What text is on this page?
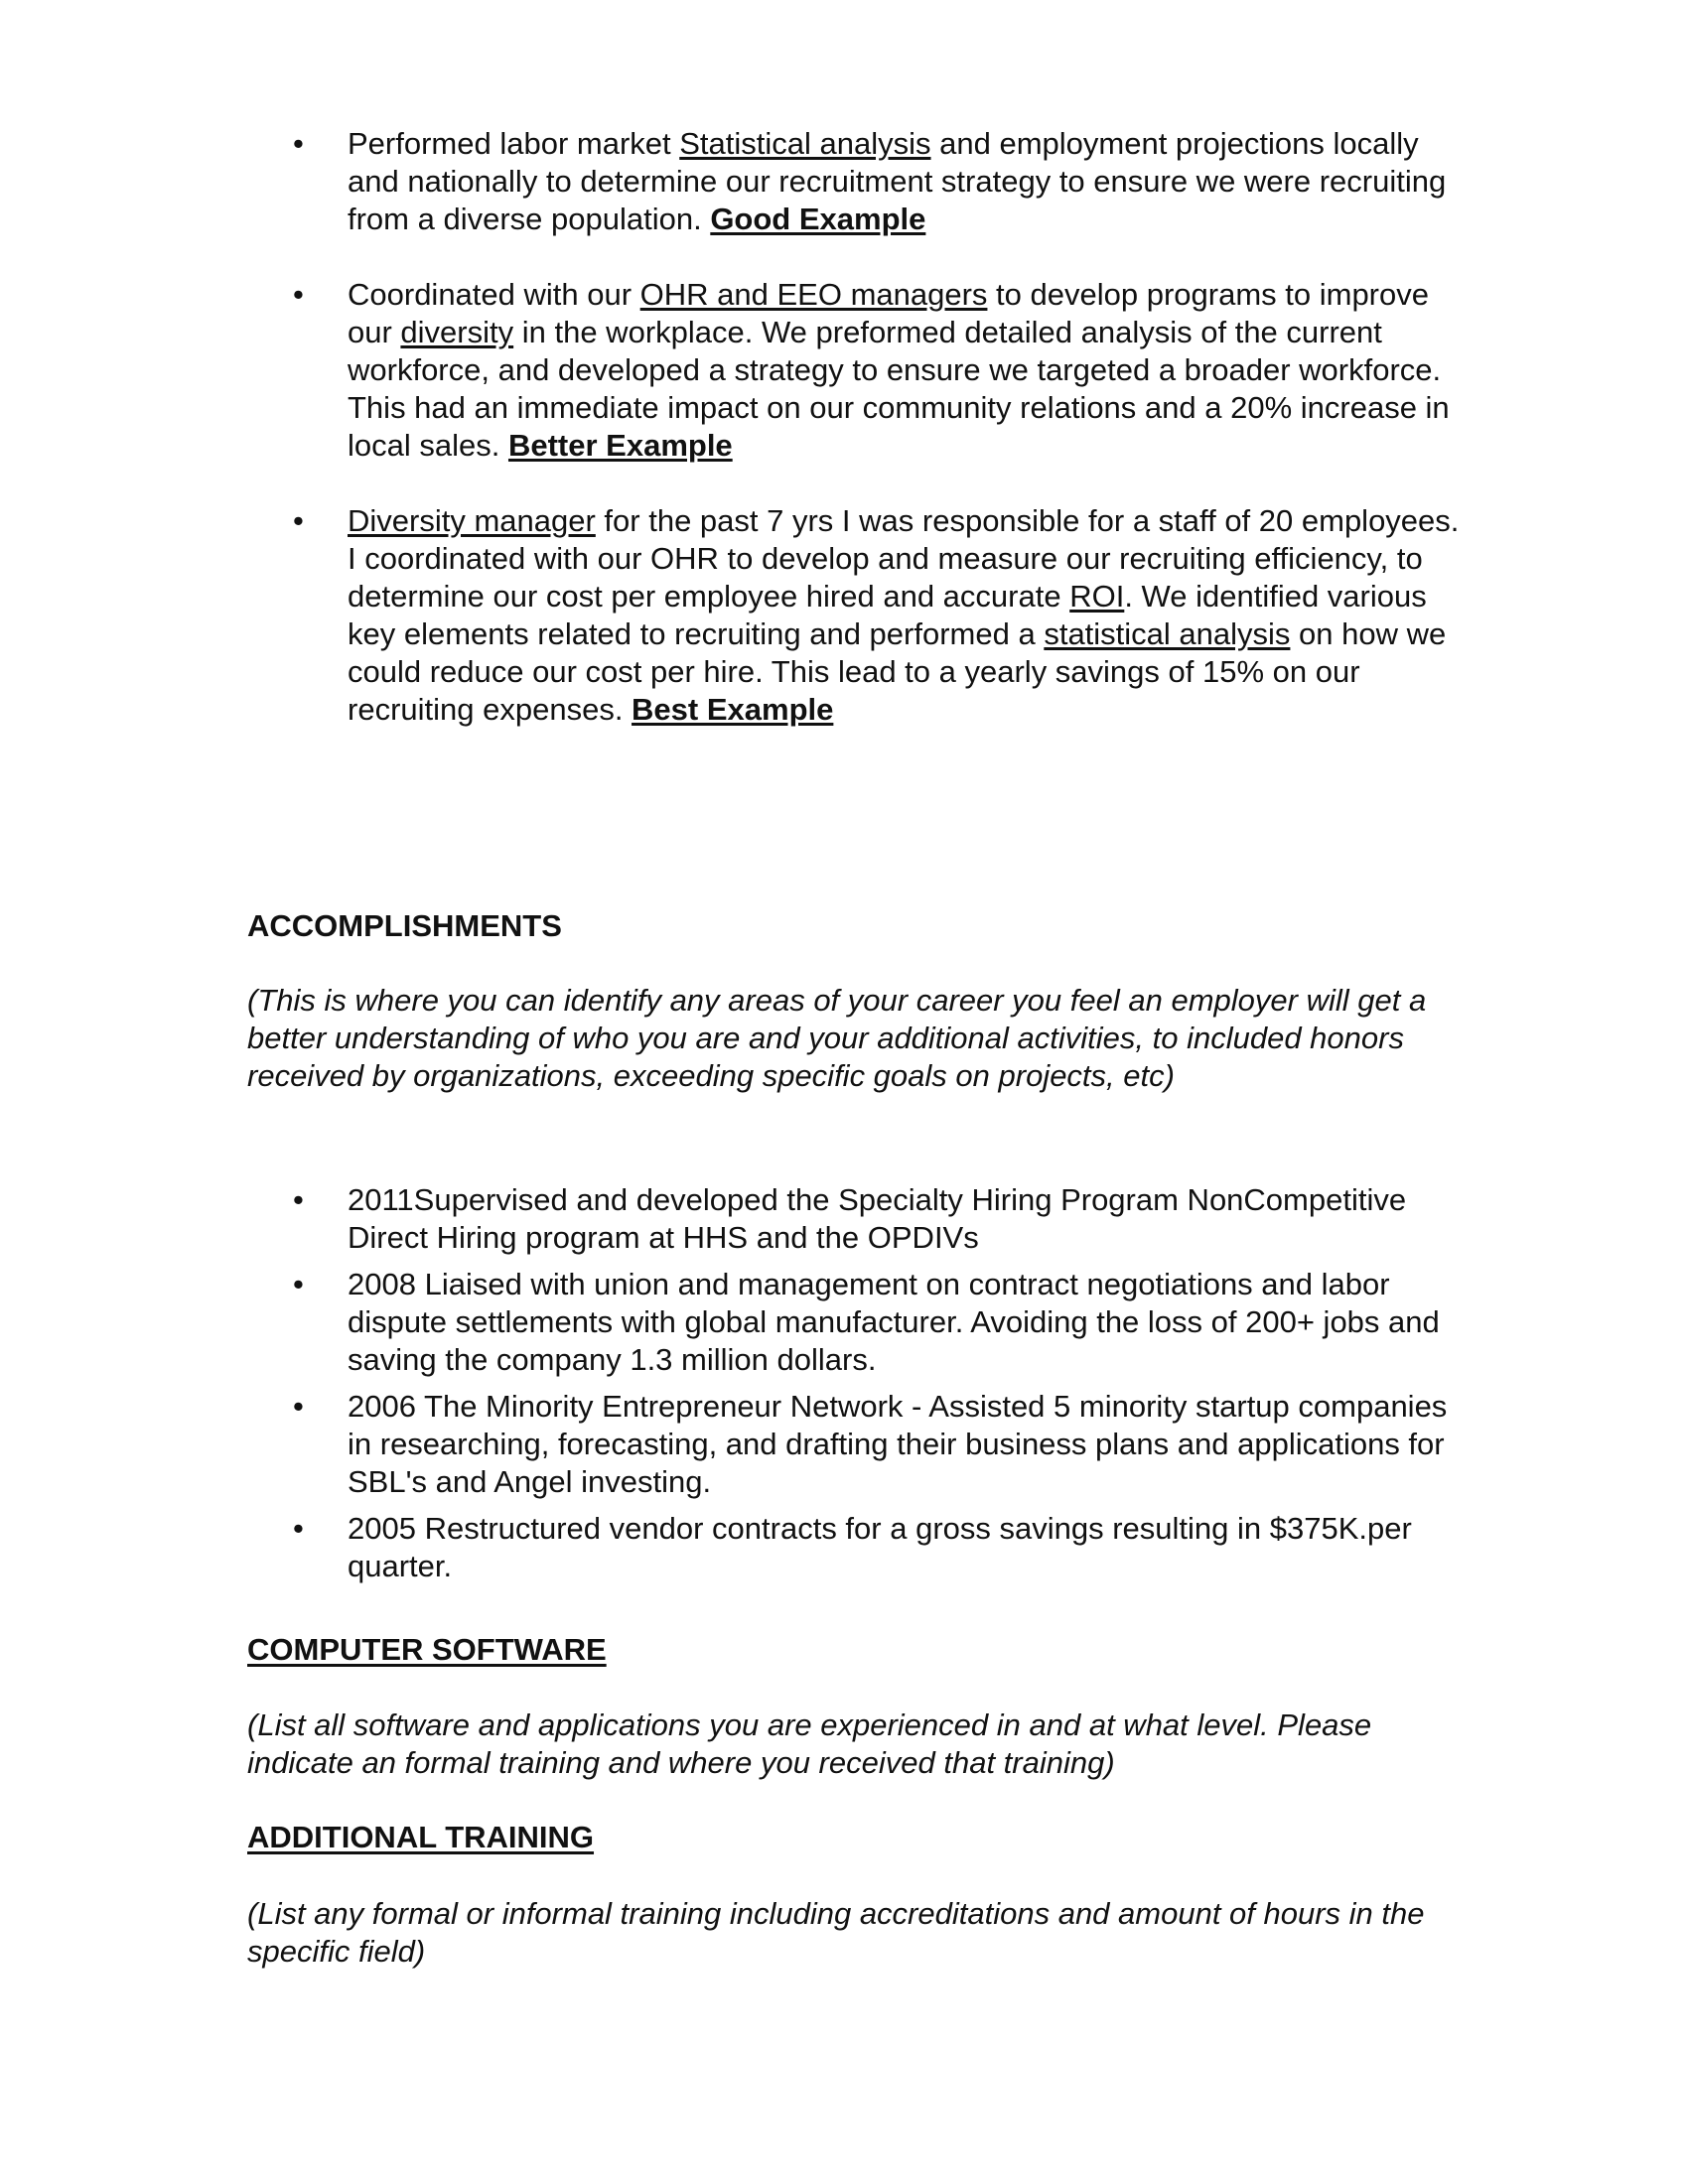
• Performed labor market Statistical analysis and employment projections locally and nationally to determine our recruitment strategy to ensure we were recruiting from a diverse population. Good Example
• Coordinated with our OHR and EEO managers to develop programs to improve our diversity in the workplace. We preformed detailed analysis of the current workforce, and developed a strategy to ensure we targeted a broader workforce. This had an immediate impact on our community relations and a 20% increase in local sales. Better Example
• Diversity manager for the past 7 yrs I was responsible for a staff of 20 employees. I coordinated with our OHR to develop and measure our recruiting efficiency, to determine our cost per employee hired and accurate ROI. We identified various key elements related to recruiting and performed a statistical analysis on how we could reduce our cost per hire. This lead to a yearly savings of 15% on our recruiting expenses. Best Example
ACCOMPLISHMENTS
(This is where you can identify any areas of your career you feel an employer will get a better understanding of who you are and your additional activities, to included honors received by organizations, exceeding specific goals on projects, etc)
• 2011Supervised and developed the Specialty Hiring Program NonCompetitive Direct Hiring program at HHS and the OPDIVs
• 2008 Liaised with union and management on contract negotiations and labor dispute settlements with global manufacturer. Avoiding the loss of 200+ jobs and saving the company 1.3 million dollars.
• 2006 The Minority Entrepreneur Network - Assisted 5 minority startup companies in researching, forecasting, and drafting their business plans and applications for SBL's and Angel investing.
• 2005 Restructured vendor contracts for a gross savings resulting in $375K.per quarter.
COMPUTER SOFTWARE
(List all software and applications you are experienced in and at what level. Please indicate an formal training and where you received that training)
ADDITIONAL TRAINING
(List any formal or informal training including accreditations and amount of hours in the specific field)
